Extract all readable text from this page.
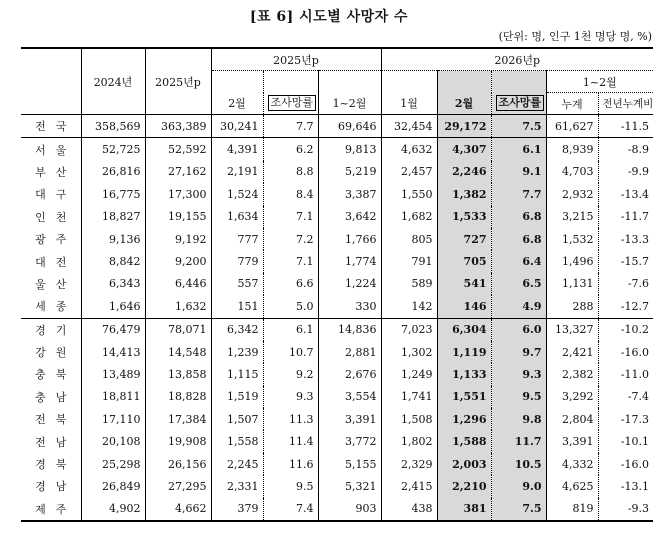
[표 6] 시도별 사망자 수
(단위: 명, 인구 1천 명당 명, %)
	2024년	2025년p	2025년p			2026년p				
			2월	조사망률	1~2월	1월	2월	조사망률	1~2월	
									누계	전년누계비
전국	358,569	363,389	30,241	7.7	69,646	32,454	29,172	7.5	61,627	-11.5
서울	52,725	52,592	4,391	6.2	9,813	4,632	4,307	6.1	8,939	-8.9
부산	26,816	27,162	2,191	8.8	5,219	2,457	2,246	9.1	4,703	-9.9
대구	16,775	17,300	1,524	8.4	3,387	1,550	1,382	7.7	2,932	-13.4
인천	18,827	19,155	1,634	7.1	3,642	1,682	1,533	6.8	3,215	-11.7
광주	9,136	9,192	777	7.2	1,766	805	727	6.8	1,532	-13.3
대전	8,842	9,200	779	7.1	1,774	791	705	6.4	1,496	-15.7
울산	6,343	6,446	557	6.6	1,224	589	541	6.5	1,131	-7.6
세종	1,646	1,632	151	5.0	330	142	146	4.9	288	-12.7
경기	76,479	78,071	6,342	6.1	14,836	7,023	6,304	6.0	13,327	-10.2
강원	14,413	14,548	1,239	10.7	2,881	1,302	1,119	9.7	2,421	-16.0
충북	13,489	13,858	1,115	9.2	2,676	1,249	1,133	9.3	2,382	-11.0
충남	18,811	18,828	1,519	9.3	3,554	1,741	1,551	9.5	3,292	-7.4
전북	17,110	17,384	1,507	11.3	3,391	1,508	1,296	9.8	2,804	-17.3
전남	20,108	19,908	1,558	11.4	3,772	1,802	1,588	11.7	3,391	-10.1
경북	25,298	26,156	2,245	11.6	5,155	2,329	2,003	10.5	4,332	-16.0
경남	26,849	27,295	2,331	9.5	5,321	2,415	2,210	9.0	4,625	-13.1
제주	4,902	4,662	379	7.4	903	438	381	7.5	819	-9.3
